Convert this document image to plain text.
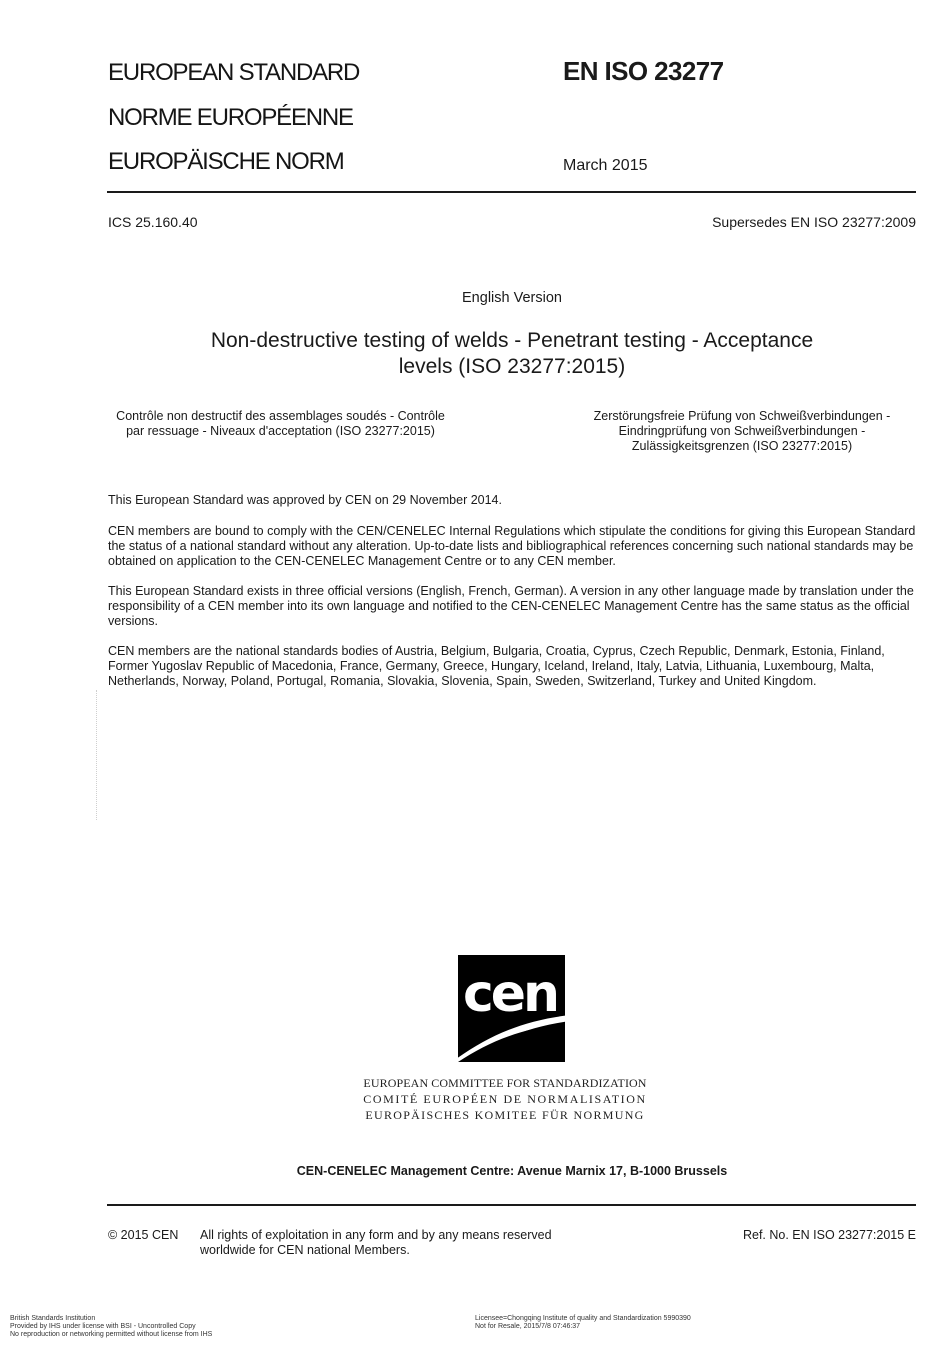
EUROPEAN STANDARD
NORME EUROPÉENNE
EUROPÄISCHE NORM
EN ISO 23277
March 2015
ICS 25.160.40	Supersedes EN ISO 23277:2009
English Version
Non-destructive testing of welds - Penetrant testing - Acceptance
levels (ISO 23277:2015)
Contrôle non destructif des assemblages soudés - Contrôle
par ressuage - Niveaux d'acceptation (ISO 23277:2015)
Zerstörungsfreie Prüfung von Schweißverbindungen -
Eindringprüfung von Schweißverbindungen -
Zulässigkeitsgrenzen (ISO 23277:2015)

This European Standard was approved by CEN on 29 November 2014.

CEN members are bound to comply with the CEN/CENELEC Internal Regulations which stipulate the conditions for giving this European Standard the status of a national standard without any alteration. Up-to-date lists and bibliographical references concerning such national standards may be obtained on application to the CEN-CENELEC Management Centre or to any CEN member.

This European Standard exists in three official versions (English, French, German). A version in any other language made by translation under the responsibility of a CEN member into its own language and notified to the CEN-CENELEC Management Centre has the same status as the official versions.

CEN members are the national standards bodies of Austria, Belgium, Bulgaria, Croatia, Cyprus, Czech Republic, Denmark, Estonia, Finland, Former Yugoslav Republic of Macedonia, France, Germany, Greece, Hungary, Iceland, Ireland, Italy, Latvia, Lithuania, Luxembourg, Malta, Netherlands, Norway, Poland, Portugal, Romania, Slovakia, Slovenia, Spain, Sweden, Switzerland, Turkey and United Kingdom.

cen
EUROPEAN COMMITTEE FOR STANDARDIZATION
COMITÉ EUROPÉEN DE NORMALISATION
EUROPÄISCHES KOMITEE FÜR NORMUNG
CEN-CENELEC Management Centre: Avenue Marnix 17, B-1000 Brussels
© 2015 CEN All rights of exploitation in any form and by any means reserved
worldwide for CEN national Members.
Ref. No. EN ISO 23277:2015 E
British Standards Institution
Provided by IHS under license with BSI - Uncontrolled Copy
No reproduction or networking permitted without license from IHS
Licensee=Chongqing Institute of quality and Standardization 5990390
Not for Resale, 2015/7/8 07:46:37
